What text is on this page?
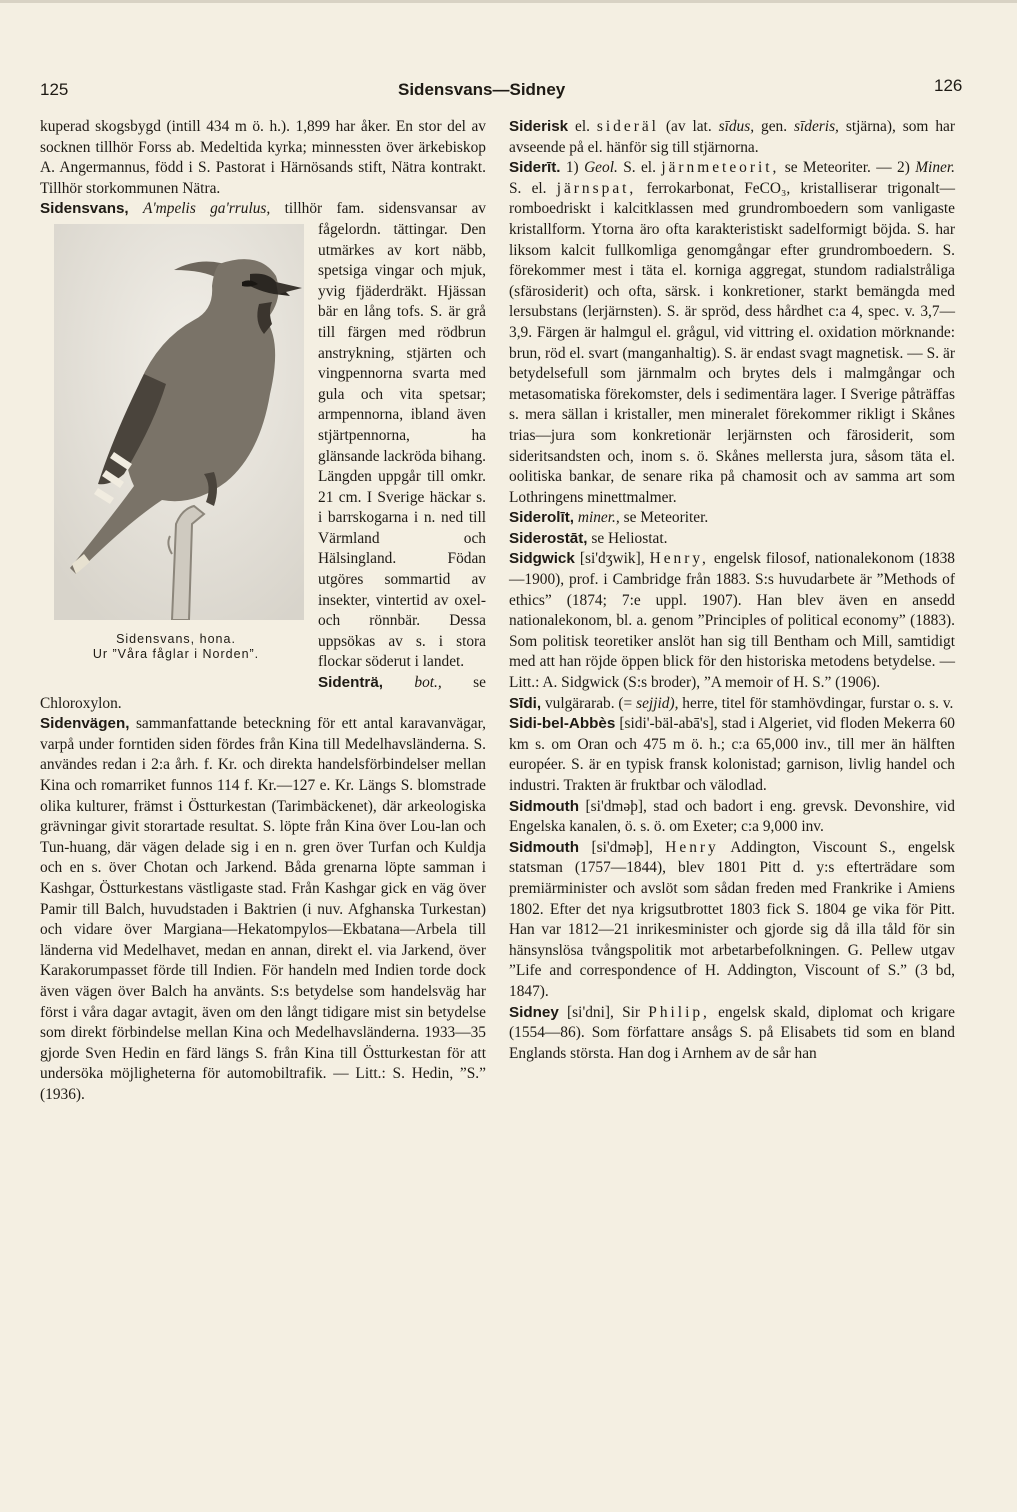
125	Sidensvans—Sidney	126

kuperad skogsbygd (intill 434 m ö. h.). 1,899 har åker. En stor del av socknen tillhör Forss ab. Medeltida kyrka; minnessten över ärkebiskop A. Angermannus, född i S. Pastorat i Härnösands stift, Nätra kontrakt. Tillhör storkommunen Nätra.

Sidensvans, A'mpelis ga'rrulus,
Sidensvans, hona.
Ur ”Våra fåglar i Norden”.
tillhör fam. sidensvansar av fågelordn. tättingar. Den utmärkes av kort näbb, spetsiga vingar och mjuk, yvig fjäderdräkt. Hjässan bär en lång tofs. S. är grå till färgen med rödbrun anstrykning, stjärten och vingpennorna svarta med gula och vita spetsar; armpennorna, ibland även stjärtpennorna, ha glänsande lackröda bihang. Längden uppgår till omkr. 21 cm. I Sverige häckar s. i barrskogarna i n. ned till Värmland och Hälsingland. Födan utgöres sommartid av insekter, vintertid av oxel- och rönnbär. Dessa uppsökas av s. i stora flockar söderut i landet.

Sidenträ, bot., se Chloroxylon.

Sidenvägen, sammanfattande beteckning för ett antal karavanvägar, varpå under forntiden siden fördes från Kina till Medelhavsländerna. S. användes redan i 2:a årh. f. Kr. och direkta handelsförbindelser mellan Kina och romarriket funnos 114 f. Kr.—127 e. Kr. Längs S. blomstrade olika kulturer, främst i Östturkestan (Tarimbäckenet), där arkeologiska grävningar givit storartade resultat. S. löpte från Kina över Lou-lan och Tun-huang, där vägen delade sig i en n. gren över Turfan och Kuldja och en s. över Chotan och Jarkend. Båda grenarna löpte samman i Kashgar, Östturkestans västligaste stad. Från Kashgar gick en väg över Pamir till Balch, huvudstaden i Baktrien (i nuv. Afghanska Turkestan) och vidare över Margiana—Hekatompylos—Ekbatana—Arbela till länderna vid Medelhavet, medan en annan, direkt el. via Jarkend, över Karakorumpasset förde till Indien. För handeln med Indien torde dock även vägen över Balch ha använts. S:s betydelse som handelsväg har först i våra dagar avtagit, även om den långt tidigare mist sin betydelse som direkt förbindelse mellan Kina och Medelhavsländerna. 1933—35 gjorde Sven Hedin en färd längs S. från Kina till Östturkestan för att undersöka möjligheterna för automobiltrafik. — Litt.: S. Hedin, ”S.” (1936).

Siderisk el. sideräl (av lat. sīdus, gen. sīderis, stjärna), som har avseende på el. hänför sig till stjärnorna.

Siderīt. 1) Geol. S. el. järnmeteorit, se Meteoriter. — 2) Miner. S. el. järnspat, ferrokarbonat, FeCO₃, kristalliserar trigonalt—romboedriskt i kalcitklassen med grundromboedern som vanligaste kristallform. Ytorna äro ofta karakteristiskt sadelformigt böjda. S. har liksom kalcit fullkomliga genomgångar efter grundromboedern. S. förekommer mest i täta el. korniga aggregat, stundom radialstråliga (sfärosiderit) och ofta, särsk. i konkretioner, starkt bemängda med lersubstans (lerjärnsten). S. är spröd, dess hårdhet c:a 4, spec. v. 3,7—3,9. Färgen är halmgul el. grågul, vid vittring el. oxidation mörknande: brun, röd el. svart (manganhaltig). S. är endast svagt magnetisk. — S. är betydelsefull som järnmalm och brytes dels i malmgångar och metasomatiska förekomster, dels i sedimentära lager. I Sverige påträffas s. mera sällan i kristaller, men mineralet förekommer rikligt i Skånes trias—jura som konkretionär lerjärnsten och färosiderit, som sideritsandsten och, inom s. ö. Skånes mellersta jura, såsom täta el. oolitiska bankar, de senare rika på chamosit och av samma art som Lothringens minettmalmer.

Siderolīt, miner., se Meteoriter.

Siderostāt, se Heliostat.

Sidgwick [si'dʒwik], Henry, engelsk filosof, nationalekonom (1838—1900), prof. i Cambridge från 1883. S:s huvudarbete är ”Methods of ethics” (1874; 7:e uppl. 1907). Han blev även en ansedd nationalekonom, bl. a. genom ”Principles of political economy” (1883). Som politisk teoretiker anslöt han sig till Bentham och Mill, samtidigt med att han röjde öppen blick för den historiska metodens betydelse. — Litt.: A. Sidgwick (S:s broder), ”A memoir of H. S.” (1906).

Sīdi, vulgärarab. (= sejjid), herre, titel för stamhövdingar, furstar o. s. v.

Sidi-bel-Abbès [sidi'-bäl-abā's], stad i Algeriet, vid floden Mekerra 60 km s. om Oran och 475 m ö. h.; c:a 65,000 inv., till mer än hälften européer. S. är en typisk fransk kolonistad; garnison, livlig handel och industri. Trakten är fruktbar och välodlad.

Sidmouth [si'dməþ], stad och badort i eng. grevsk. Devonshire, vid Engelska kanalen, ö. s. ö. om Exeter; c:a 9,000 inv.

Sidmouth [si'dməþ], Henry Addington, Viscount S., engelsk statsman (1757—1844), blev 1801 Pitt d. y:s efterträdare som premiärminister och avslöt som sådan freden med Frankrike i Amiens 1802. Efter det nya krigsutbrottet 1803 fick S. 1804 ge vika för Pitt. Han var 1812—21 inrikesminister och gjorde sig då illa tåld för sin hänsynslösa tvångspolitik mot arbetarbefolkningen. G. Pellew utgav ”Life and correspondence of H. Addington, Viscount of S.” (3 bd, 1847).

Sidney [si'dni], Sir Philip, engelsk skald, diplomat och krigare (1554—86). Som författare ansågs S. på Elisabets tid som en bland Englands största. Han dog i Arnhem av de sår han
